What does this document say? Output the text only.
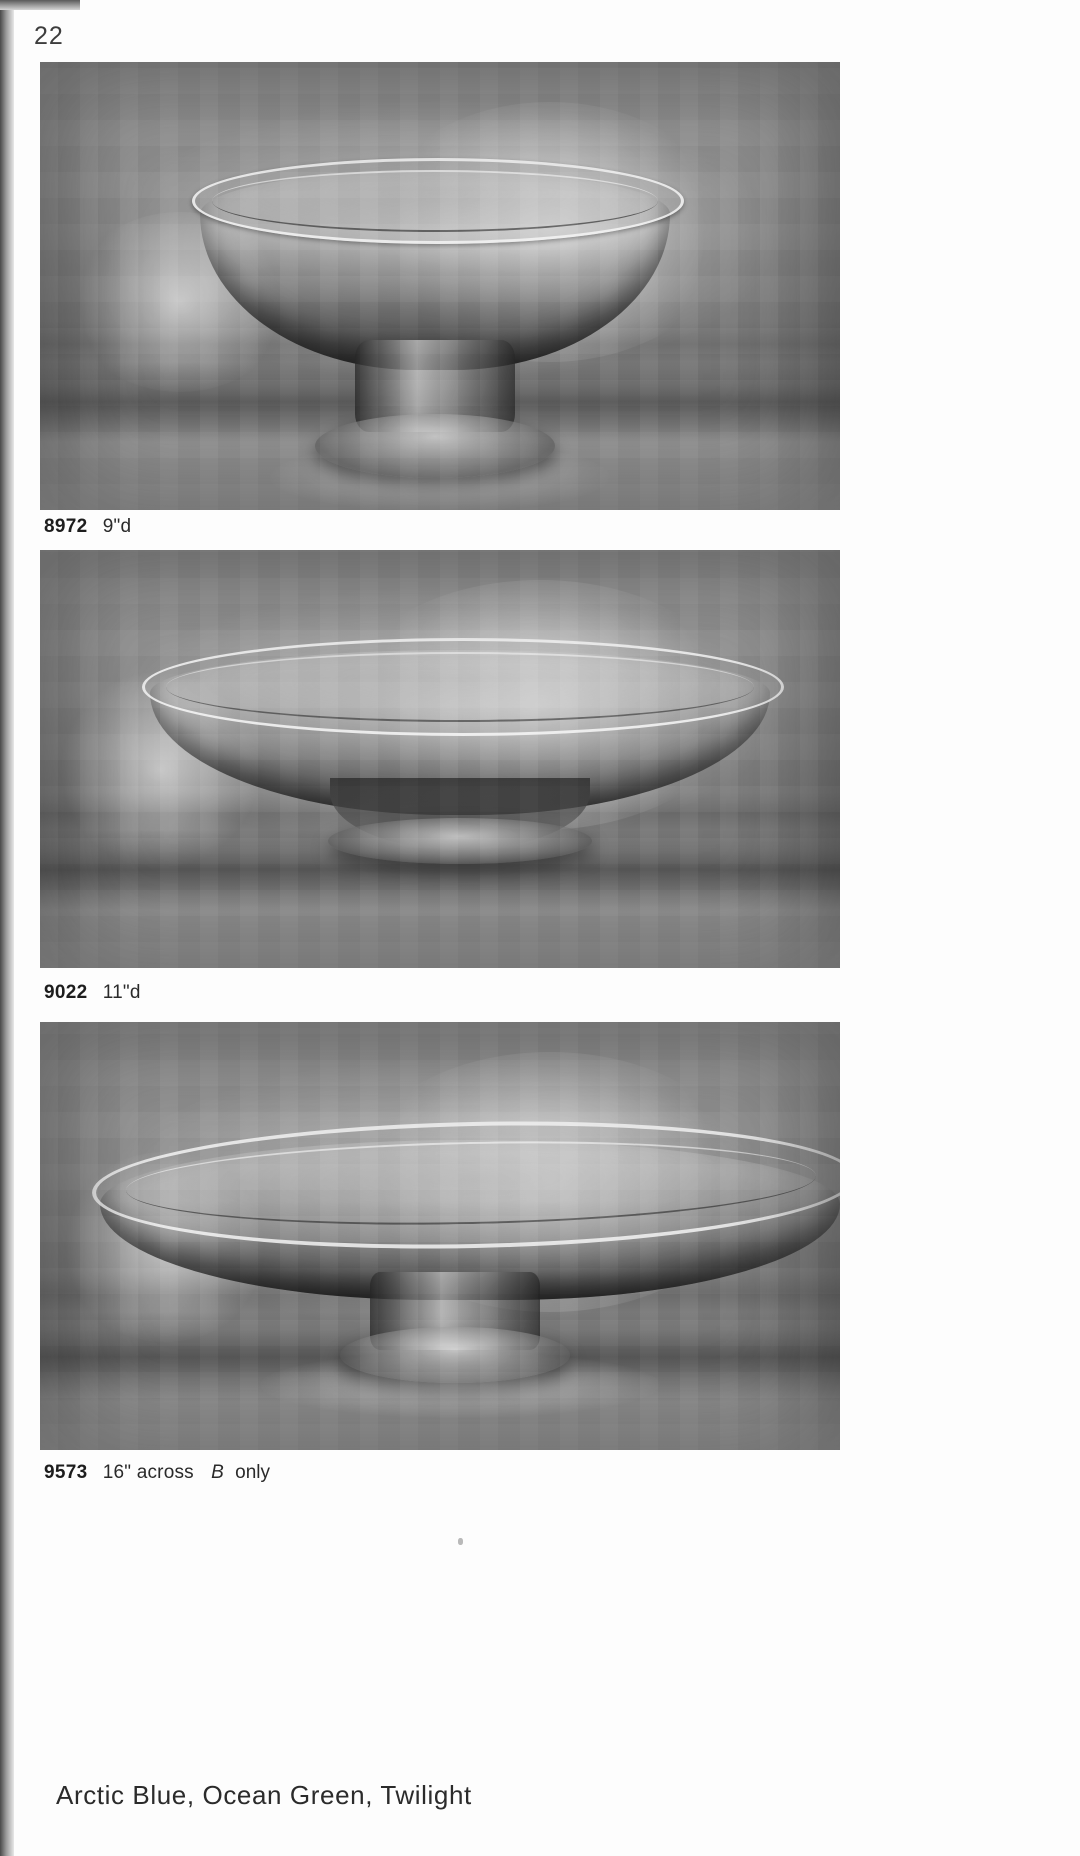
22
8972 9"d
9022 11"d
9573 16" across B only
Arctic Blue, Ocean Green, Twilight
